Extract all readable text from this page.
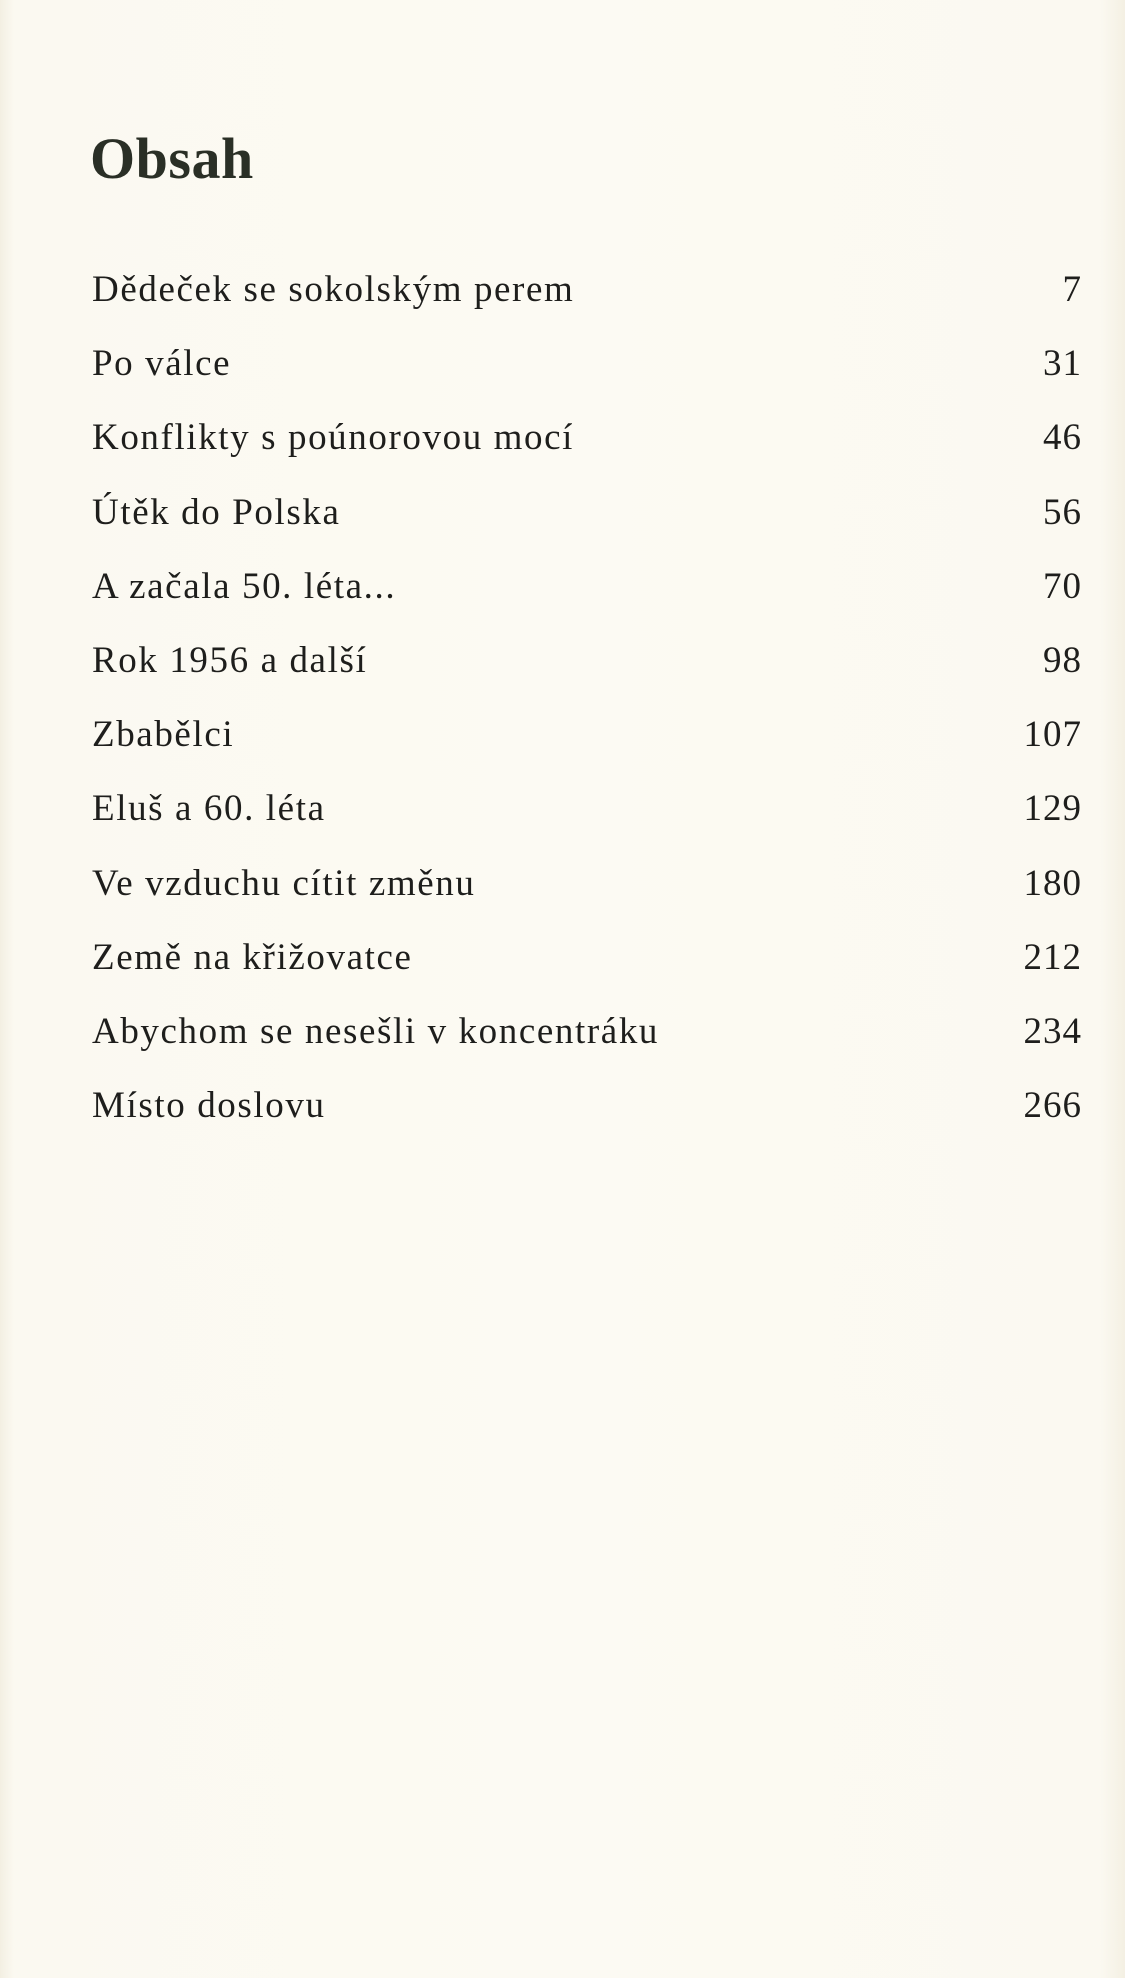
Obsah
Dědeček se sokolským perem	7
Po válce	31
Konflikty s poúnorovou mocí	46
Útěk do Polska	56
A začala 50. léta...	70
Rok 1956 a další	98
Zbabělci	107
Eluš a 60. léta	129
Ve vzduchu cítit změnu	180
Země na křižovatce	212
Abychom se nesešli v koncentráku	234
Místo doslovu	266
